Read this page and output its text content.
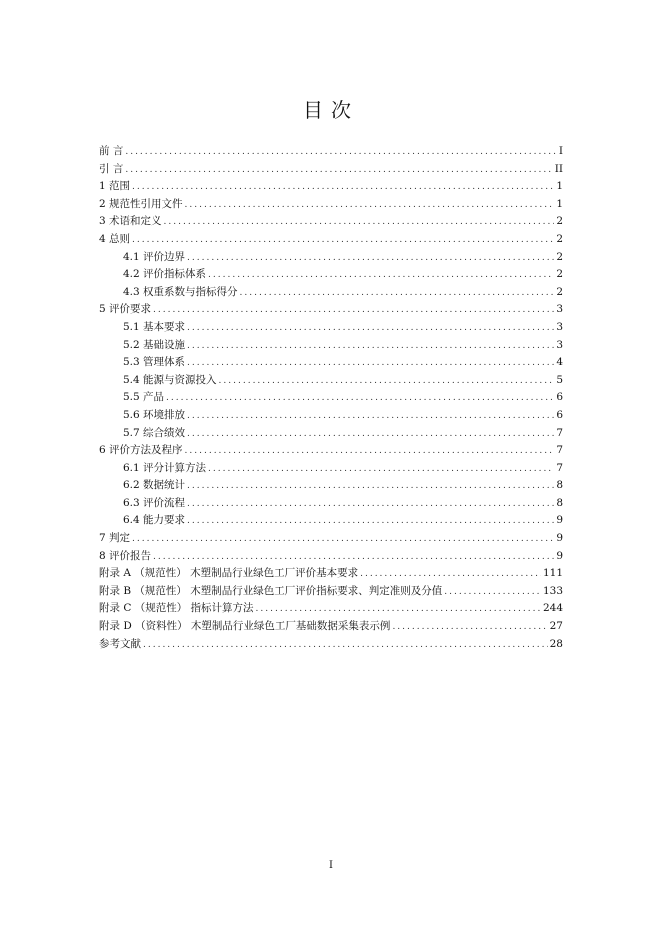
目次
前 言 .....	I
引 言 .....	II
1 范围 .....	1
2 规范性引用文件 .....	1
3 术语和定义 .....	2
4 总则 .....	2
4.1 评价边界 .....	2
4.2 评价指标体系 .....	2
4.3 权重系数与指标得分 .....	2
5 评价要求 .....	3
5.1 基本要求 .....	3
5.2 基础设施 .....	3
5.3 管理体系 .....	4
5.4 能源与资源投入 .....	5
5.5 产品 .....	6
5.6 环境排放 .....	6
5.7 综合绩效 .....	7
6 评价方法及程序 .....	7
6.1 评分计算方法 .....	7
6.2 数据统计 .....	8
6.3 评价流程 .....	8
6.4 能力要求 .....	9
7 判定 .....	9
8 评价报告 .....	9
附录 A （规范性） 木塑制品行业绿色工厂评价基本要求 .....	111
附录 B （规范性） 木塑制品行业绿色工厂评价指标要求、判定准则及分值 .....	133
附录 C （规范性） 指标计算方法 .....	244
附录 D （资料性） 木塑制品行业绿色工厂基础数据采集表示例 .....	27
参考文献 .....	28
I
